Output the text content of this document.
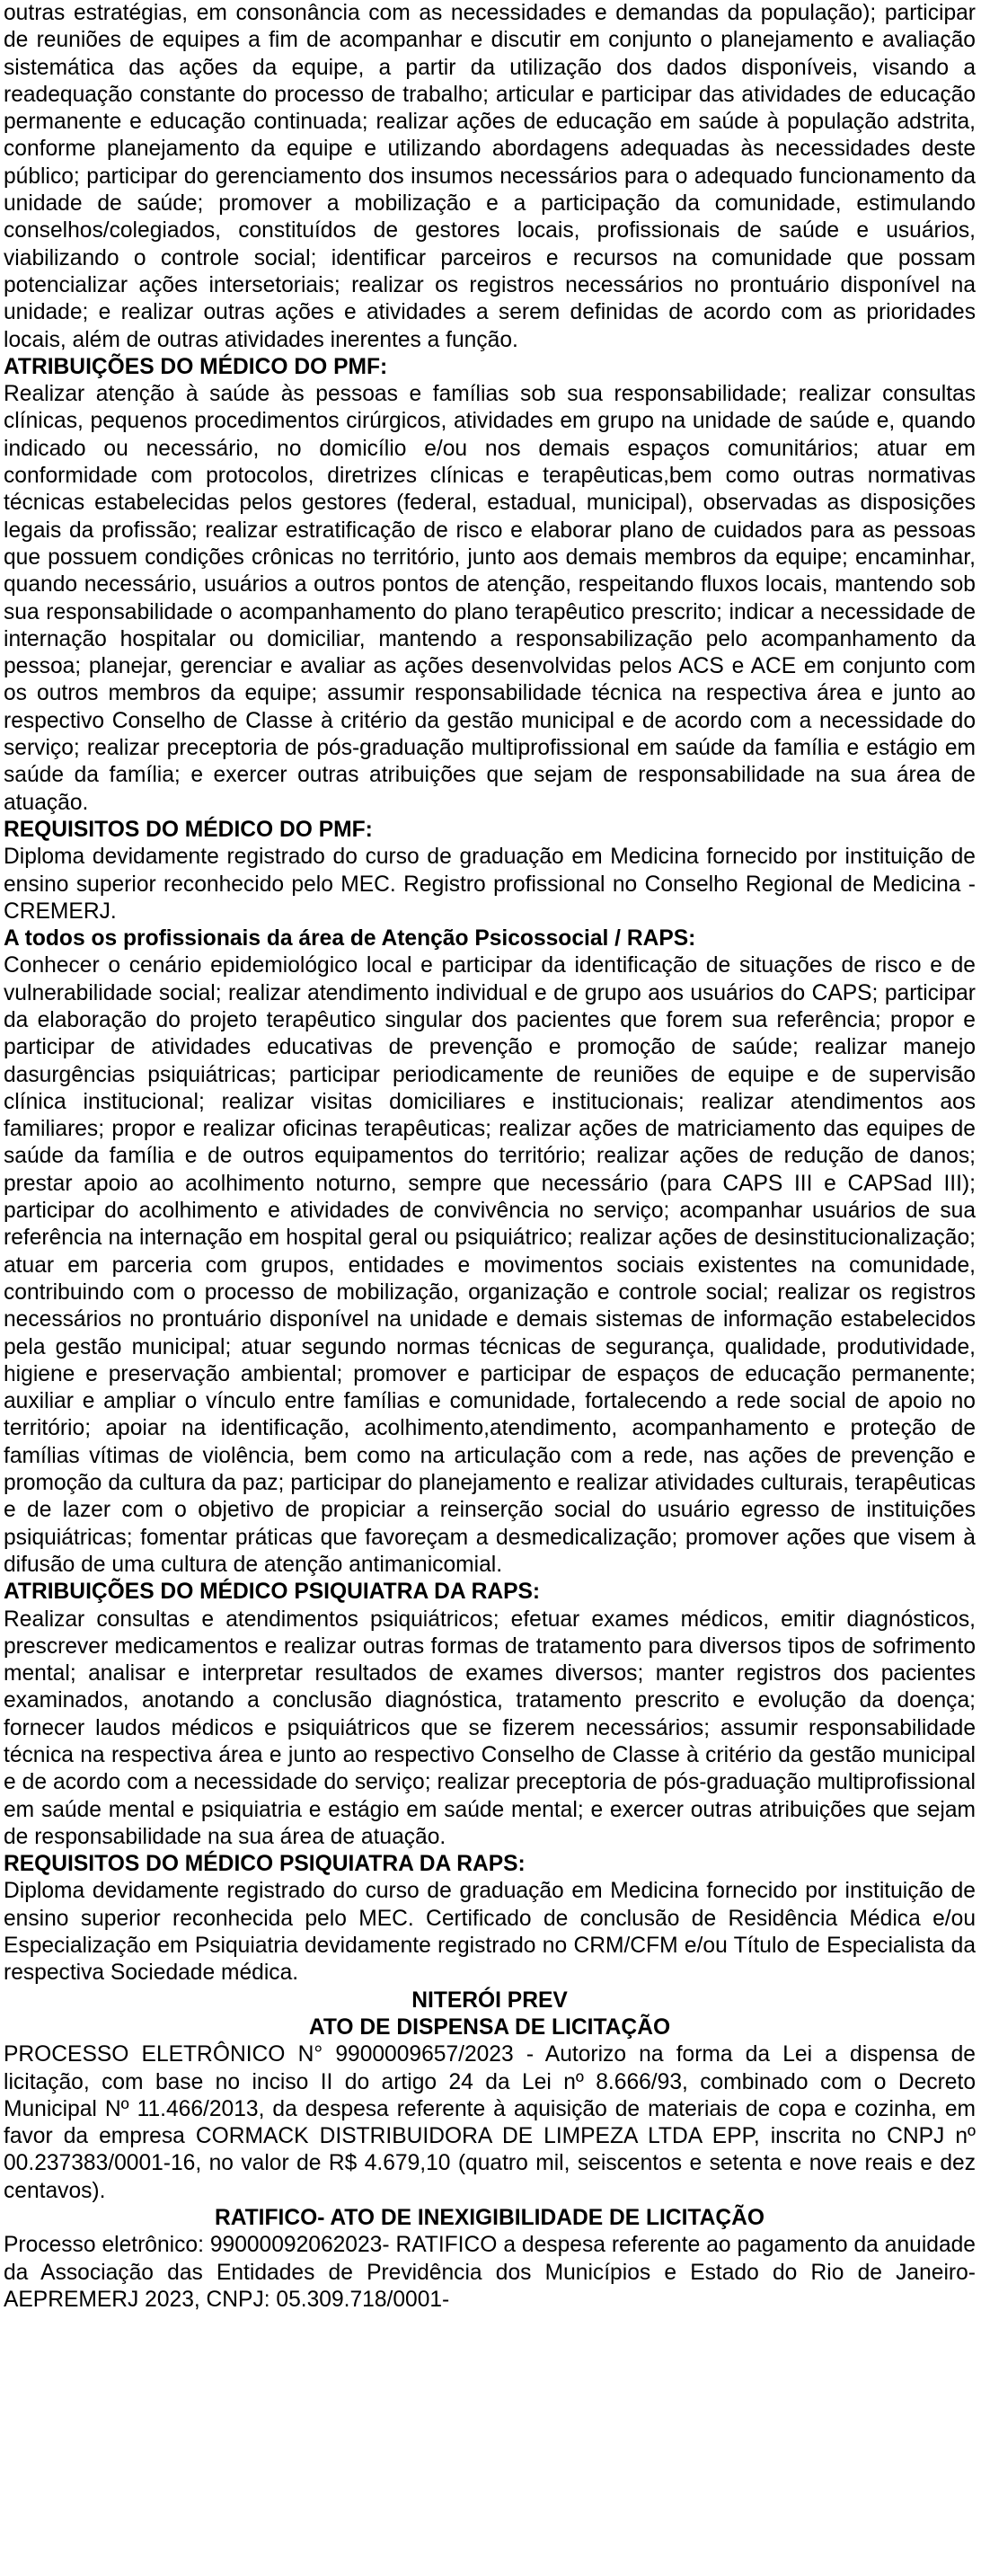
outras estratégias, em consonância com as necessidades e demandas da população); participar de reuniões de equipes a fim de acompanhar e discutir em conjunto o planejamento e avaliação sistemática das ações da equipe, a partir da utilização dos dados disponíveis, visando a readequação constante do processo de trabalho; articular e participar das atividades de educação permanente e educação continuada; realizar ações de educação em saúde à população adstrita, conforme planejamento da equipe e utilizando abordagens adequadas às necessidades deste público; participar do gerenciamento dos insumos necessários para o adequado funcionamento da unidade de saúde; promover a mobilização e a participação da comunidade, estimulando conselhos/colegiados, constituídos de gestores locais, profissionais de saúde e usuários, viabilizando o controle social; identificar parceiros e recursos na comunidade que possam potencializar ações intersetoriais; realizar os registros necessários no prontuário disponível na unidade; e realizar outras ações e atividades a serem definidas de acordo com as prioridades locais, além de outras atividades inerentes a função.

ATRIBUIÇÕES DO MÉDICO DO PMF:

Realizar atenção à saúde às pessoas e famílias sob sua responsabilidade; realizar consultas clínicas, pequenos procedimentos cirúrgicos, atividades em grupo na unidade de saúde e, quando indicado ou necessário, no domicílio e/ou nos demais espaços comunitários; atuar em conformidade com protocolos, diretrizes clínicas e terapêuticas,bem como outras normativas técnicas estabelecidas pelos gestores (federal, estadual, municipal), observadas as disposições legais da profissão; realizar estratificação de risco e elaborar plano de cuidados para as pessoas que possuem condições crônicas no território, junto aos demais membros da equipe; encaminhar, quando necessário, usuários a outros pontos de atenção, respeitando fluxos locais, mantendo sob sua responsabilidade o acompanhamento do plano terapêutico prescrito; indicar a necessidade de internação hospitalar ou domiciliar, mantendo a responsabilização pelo acompanhamento da pessoa; planejar, gerenciar e avaliar as ações desenvolvidas pelos ACS e ACE em conjunto com os outros membros da equipe; assumir responsabilidade técnica na respectiva área e junto ao respectivo Conselho de Classe à critério da gestão municipal e de acordo com a necessidade do serviço; realizar preceptoria de pós-graduação multiprofissional em saúde da família e estágio em saúde da família; e exercer outras atribuições que sejam de responsabilidade na sua área de atuação.

REQUISITOS DO MÉDICO DO PMF:

Diploma devidamente registrado do curso de graduação em Medicina fornecido por instituição de ensino superior reconhecido pelo MEC. Registro profissional no Conselho Regional de Medicina - CREMERJ.

A todos os profissionais da área de Atenção Psicossocial / RAPS:

Conhecer o cenário epidemiológico local e participar da identificação de situações de risco e de vulnerabilidade social; realizar atendimento individual e de grupo aos usuários do CAPS; participar da elaboração do projeto terapêutico singular dos pacientes que forem sua referência; propor e participar de atividades educativas de prevenção e promoção de saúde; realizar manejo dasurgências psiquiátricas; participar periodicamente de reuniões de equipe e de supervisão clínica institucional; realizar visitas domiciliares e institucionais; realizar atendimentos aos familiares; propor e realizar oficinas terapêuticas; realizar ações de matriciamento das equipes de saúde da família e de outros equipamentos do território; realizar ações de redução de danos; prestar apoio ao acolhimento noturno, sempre que necessário (para CAPS III e CAPSad III); participar do acolhimento e atividades de convivência no serviço; acompanhar usuários de sua referência na internação em hospital geral ou psiquiátrico; realizar ações de desinstitucionalização; atuar em parceria com grupos, entidades e movimentos sociais existentes na comunidade, contribuindo com o processo de mobilização, organização e controle social; realizar os registros necessários no prontuário disponível na unidade e demais sistemas de informação estabelecidos pela gestão municipal; atuar segundo normas técnicas de segurança, qualidade, produtividade, higiene e preservação ambiental; promover e participar de espaços de educação permanente; auxiliar e ampliar o vínculo entre famílias e comunidade, fortalecendo a rede social de apoio no território; apoiar na identificação, acolhimento,atendimento, acompanhamento e proteção de famílias vítimas de violência, bem como na articulação com a rede, nas ações de prevenção e promoção da cultura da paz; participar do planejamento e realizar atividades culturais, terapêuticas e de lazer com o objetivo de propiciar a reinserção social do usuário egresso de instituições psiquiátricas; fomentar práticas que favoreçam a desmedicalização; promover ações que visem à difusão de uma cultura de atenção antimanicomial.

ATRIBUIÇÕES DO MÉDICO PSIQUIATRA DA RAPS:

Realizar consultas e atendimentos psiquiátricos; efetuar exames médicos, emitir diagnósticos, prescrever medicamentos e realizar outras formas de tratamento para diversos tipos de sofrimento mental; analisar e interpretar resultados de exames diversos; manter registros dos pacientes examinados, anotando a conclusão diagnóstica, tratamento prescrito e evolução da doença; fornecer laudos médicos e psiquiátricos que se fizerem necessários; assumir responsabilidade técnica na respectiva área e junto ao respectivo Conselho de Classe à critério da gestão municipal e de acordo com a necessidade do serviço; realizar preceptoria de pós-graduação multiprofissional em saúde mental e psiquiatria e estágio em saúde mental; e exercer outras atribuições que sejam de responsabilidade na sua área de atuação.

REQUISITOS DO MÉDICO PSIQUIATRA DA RAPS:

Diploma devidamente registrado do curso de graduação em Medicina fornecido por instituição de ensino superior reconhecida pelo MEC. Certificado de conclusão de Residência Médica e/ou Especialização em Psiquiatria devidamente registrado no CRM/CFM e/ou Título de Especialista da respectiva Sociedade médica.

NITERÓI PREV

ATO DE DISPENSA DE LICITAÇÃO

PROCESSO ELETRÔNICO N° 9900009657/2023 - Autorizo na forma da Lei a dispensa de licitação, com base no inciso II do artigo 24 da Lei nº 8.666/93, combinado com o Decreto Municipal Nº 11.466/2013, da despesa referente à aquisição de materiais de copa e cozinha, em favor da empresa CORMACK DISTRIBUIDORA DE LIMPEZA LTDA EPP, inscrita no CNPJ nº 00.237383/0001-16, no valor de R$ 4.679,10 (quatro mil, seiscentos e setenta e nove reais e dez centavos).

RATIFICO- ATO DE INEXIGIBILIDADE DE LICITAÇÃO

Processo eletrônico: 99000092062023- RATIFICO a despesa referente ao pagamento da anuidade da Associação das Entidades de Previdência dos Municípios e Estado do Rio de Janeiro- AEPREMERJ 2023, CNPJ: 05.309.718/0001-
